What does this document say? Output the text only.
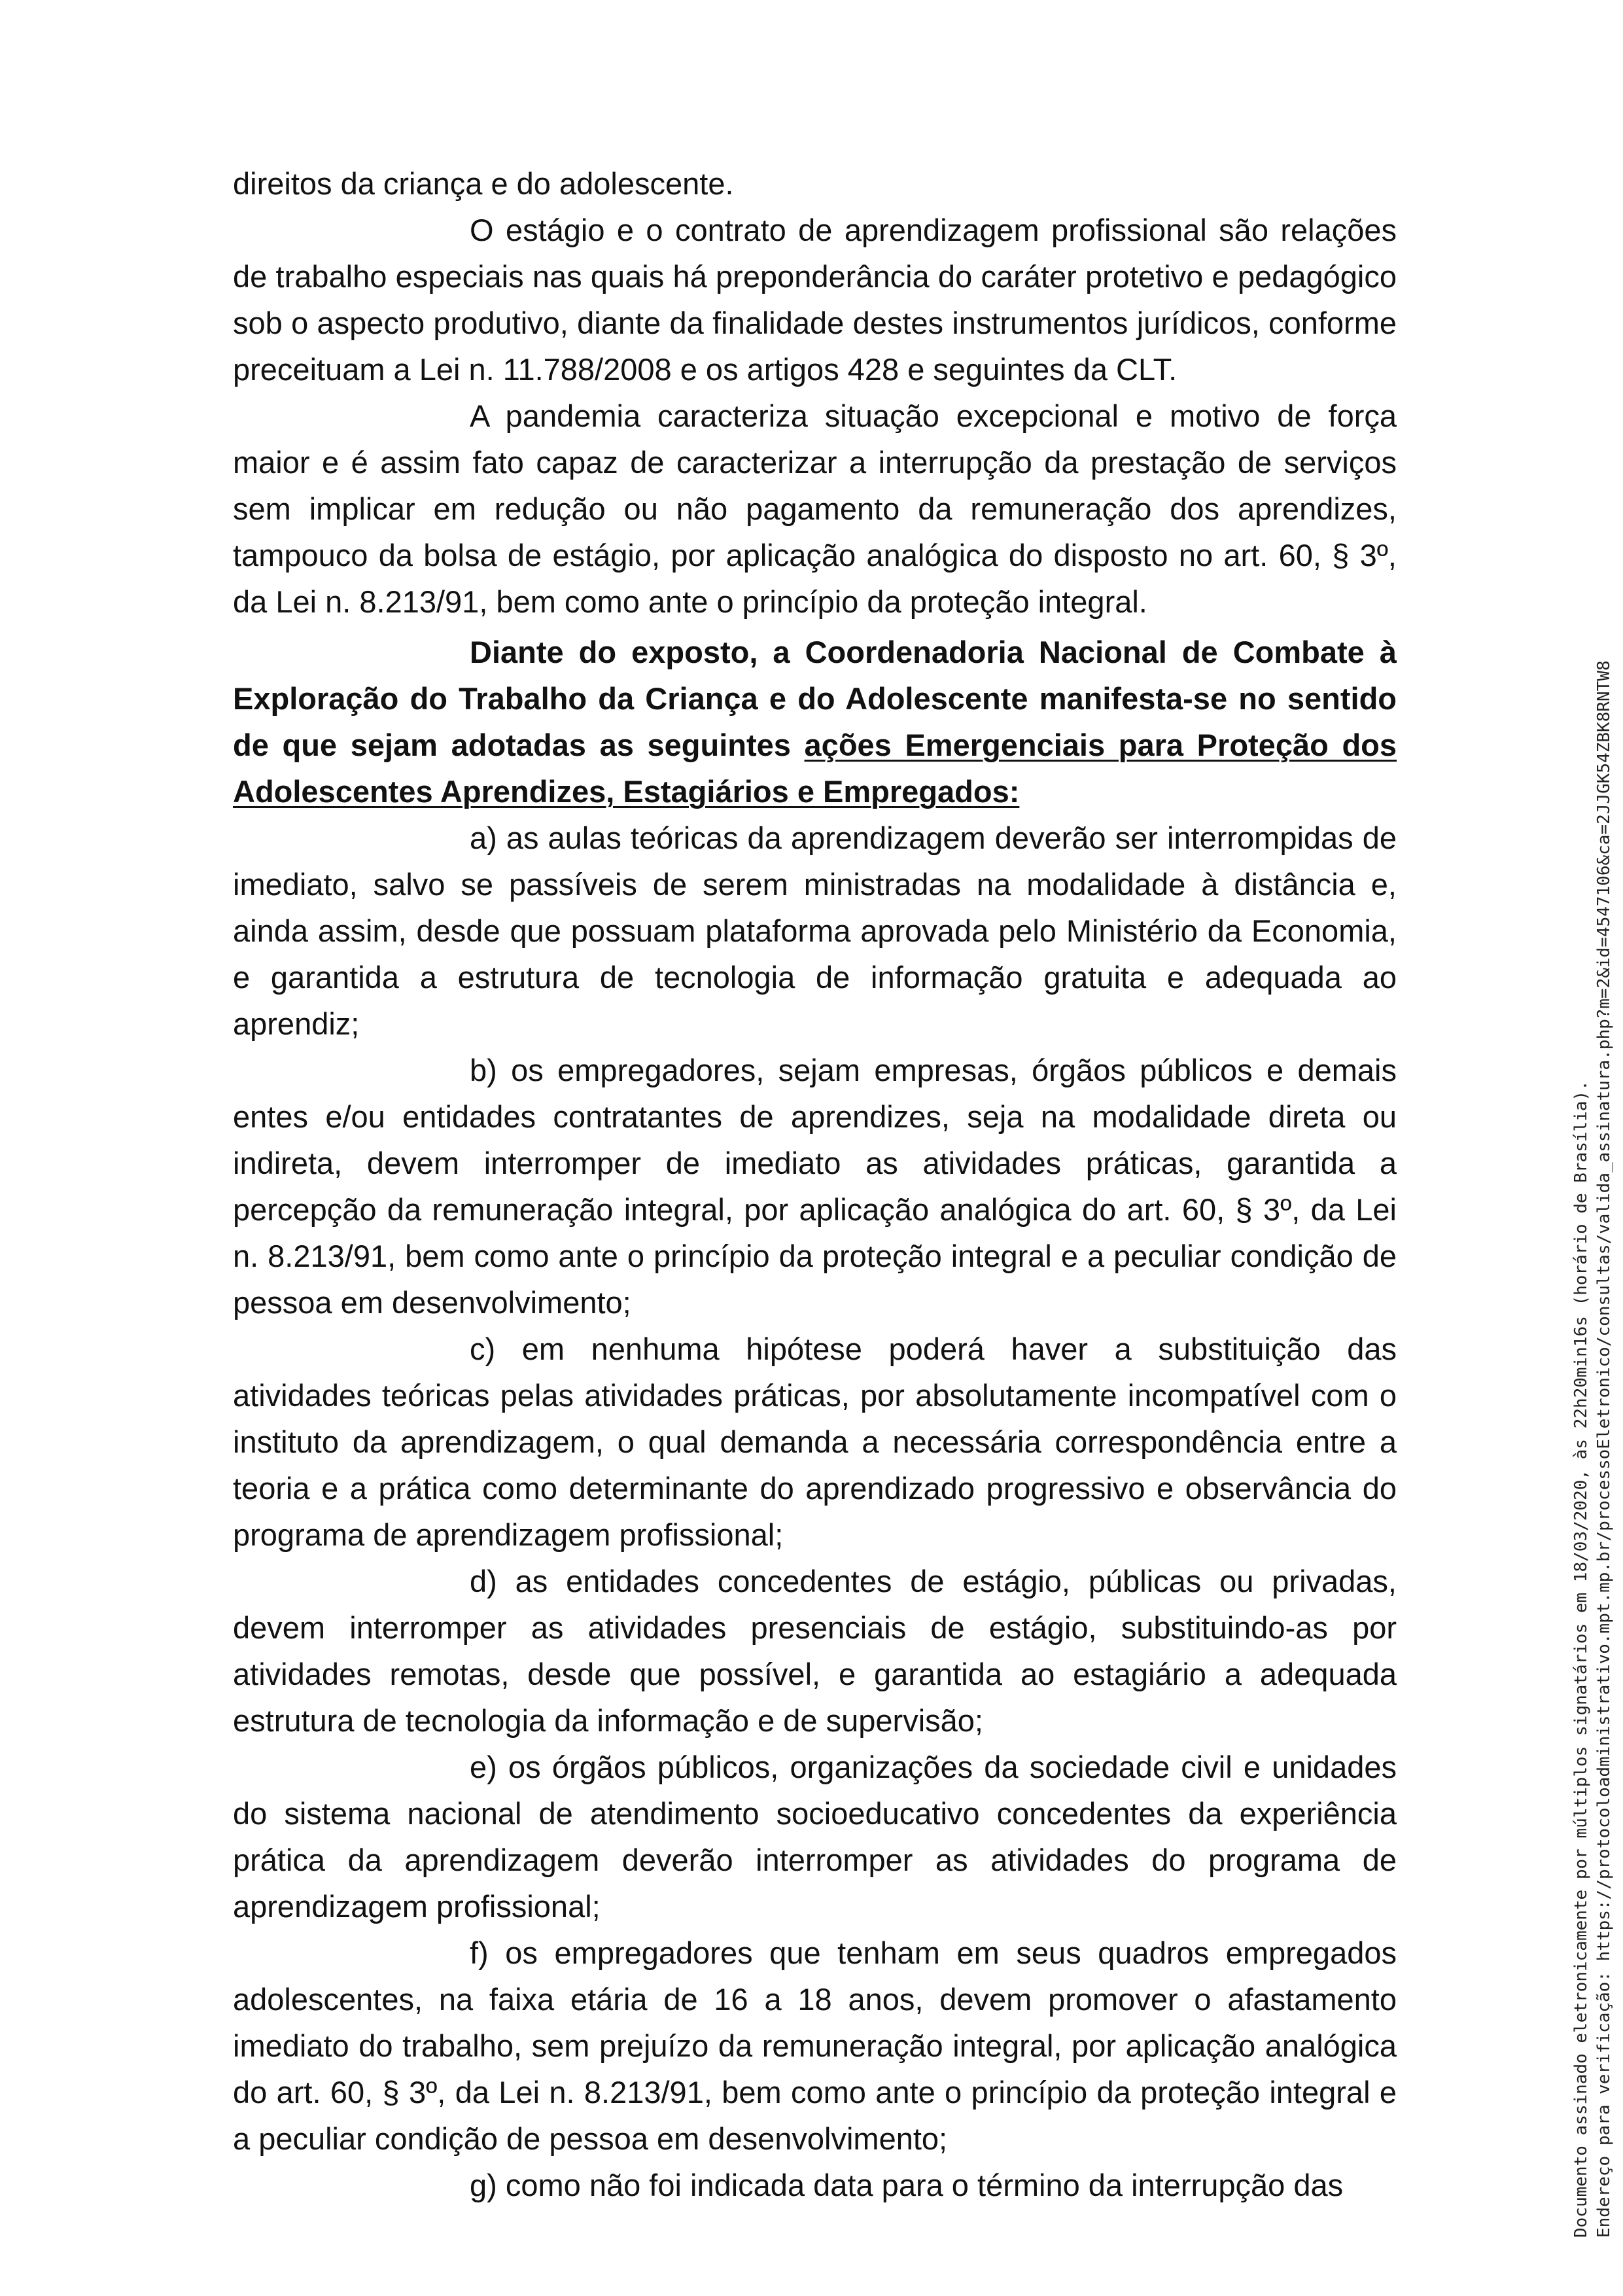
direitos da criança e do adolescente.

O estágio e o contrato de aprendizagem profissional são relações de trabalho especiais nas quais há preponderância do caráter protetivo e pedagógico sob o aspecto produtivo, diante da finalidade destes instrumentos jurídicos, conforme preceituam a Lei n. 11.788/2008 e os artigos 428 e seguintes da CLT.

A pandemia caracteriza situação excepcional e motivo de força maior e é assim fato capaz de caracterizar a interrupção da prestação de serviços sem implicar em redução ou não pagamento da remuneração dos aprendizes, tampouco da bolsa de estágio, por aplicação analógica do disposto no art. 60, § 3º, da Lei n. 8.213/91, bem como ante o princípio da proteção integral.

Diante do exposto, a Coordenadoria Nacional de Combate à Exploração do Trabalho da Criança e do Adolescente manifesta-se no sentido de que sejam adotadas as seguintes ações Emergenciais para Proteção dos Adolescentes Aprendizes, Estagiários e Empregados:

a) as aulas teóricas da aprendizagem deverão ser interrompidas de imediato, salvo se passíveis de serem ministradas na modalidade à distância e, ainda assim, desde que possuam plataforma aprovada pelo Ministério da Economia, e garantida a estrutura de tecnologia de informação gratuita e adequada ao aprendiz;

b) os empregadores, sejam empresas, órgãos públicos e demais entes e/ou entidades contratantes de aprendizes, seja na modalidade direta ou indireta, devem interromper de imediato as atividades práticas, garantida a percepção da remuneração integral, por aplicação analógica do art. 60, § 3º, da Lei n. 8.213/91, bem como ante o princípio da proteção integral e a peculiar condição de pessoa em desenvolvimento;

c) em nenhuma hipótese poderá haver a substituição das atividades teóricas pelas atividades práticas, por absolutamente incompatível com o instituto da aprendizagem, o qual demanda a necessária correspondência entre a teoria e a prática como determinante do aprendizado progressivo e observância do programa de aprendizagem profissional;

d) as entidades concedentes de estágio, públicas ou privadas, devem interromper as atividades presenciais de estágio, substituindo-as por atividades remotas, desde que possível, e garantida ao estagiário a adequada estrutura de tecnologia da informação e de supervisão;

e) os órgãos públicos, organizações da sociedade civil e unidades do sistema nacional de atendimento socioeducativo concedentes da experiência prática da aprendizagem deverão interromper as atividades do programa de aprendizagem profissional;

f) os empregadores que tenham em seus quadros empregados adolescentes, na faixa etária de 16 a 18 anos, devem promover o afastamento imediato do trabalho, sem prejuízo da remuneração integral, por aplicação analógica do art. 60, § 3º, da Lei n. 8.213/91, bem como ante o princípio da proteção integral e a peculiar condição de pessoa em desenvolvimento;

g) como não foi indicada data para o término da interrupção das	Documento assinado eletronicamente por múltiplos signatários em 18/03/2020, às 22h20min16s (horário de Brasília). Endereço para verificação: https://protocoloadministrativo.mpt.mp.br/processoEletronico/consultas/valida_assinatura.php?m=2&id=4547106&ca=2JJGK54ZBK8RNTW8
